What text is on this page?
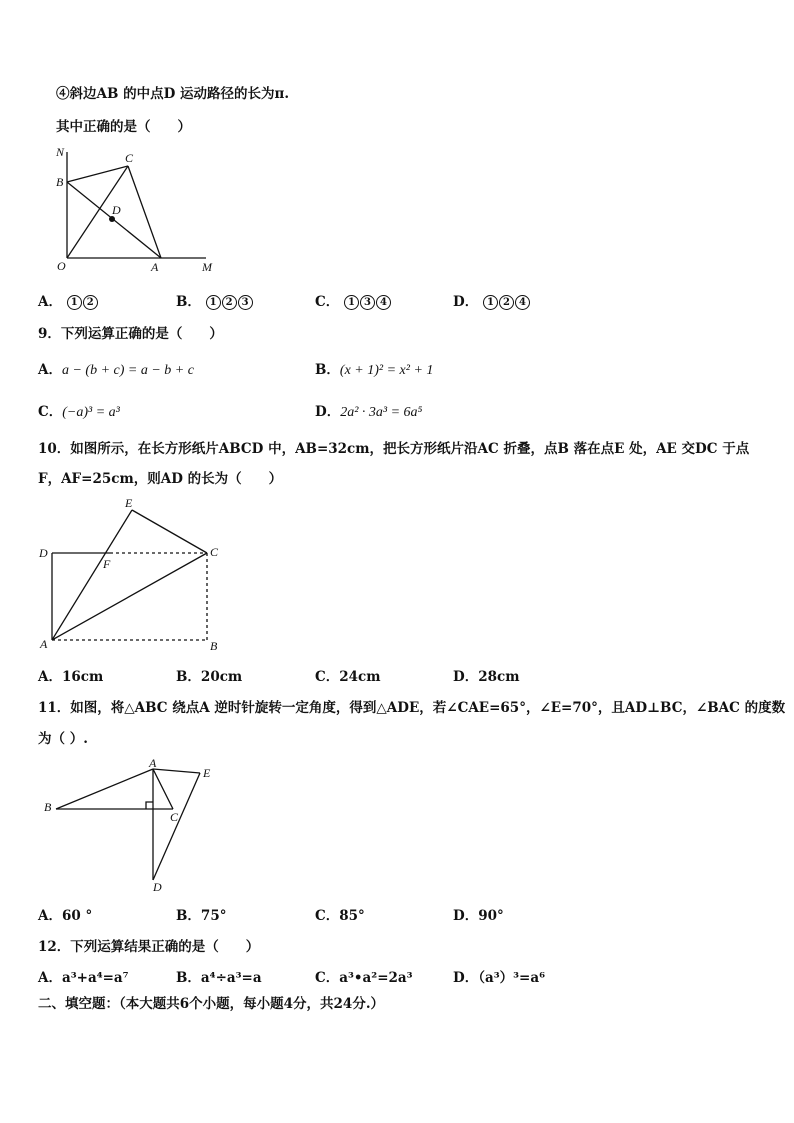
④斜边AB 的中点D 运动路径的长为π.
其中正确的是（　　）
N	C
B
D
O	A	M
A． 1 2	B． 1 2 3	C． 1 3 4	D． 1 2 4
9．下列运算正确的是（　　）
A．a − (b + c) = a − b + c	B．(x + 1)² = x² + 1
C．(−a)³ = a³	D．2a² · 3a³ = 6a⁵
10．如图所示，在长方形纸片ABCD 中，AB=32cm，把长方形纸片沿AC 折叠，点B 落在点E 处，AE 交DC 于点
F，AF=25cm，则AD 的长为（　　）
E
D
F
C
A	B
A．16cm	B．20cm	C．24cm	D．28cm
11．如图，将△ABC 绕点A 逆时针旋转一定角度，得到△ADE，若∠CAE=65°，∠E=70°，且AD⊥BC，∠BAC 的度数
为（ ）.
A
E
B
C
D
A．60 °	B．75°	C．85°	D．90°
12．下列运算结果正确的是（　　）
A．a³+a⁴=a⁷	B．a⁴÷a³=a	C．a³•a²=2a³	D．（a³）³=a⁶
二、填空题：（本大题共6个小题，每小题4分，共24分.）
